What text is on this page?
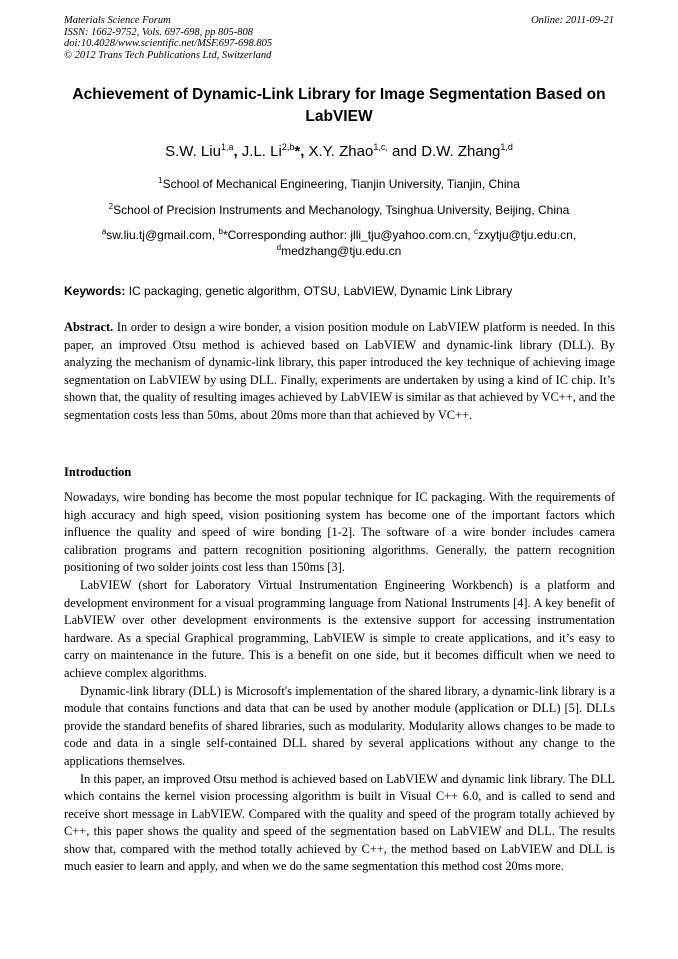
Materials Science Forum
ISSN: 1662-9752, Vols. 697-698, pp 805-808
doi:10.4028/www.scientific.net/MSF.697-698.805
© 2012 Trans Tech Publications Ltd, Switzerland
Online: 2011-09-21
Achievement of Dynamic-Link Library for Image Segmentation Based on LabVIEW
S.W. Liu$^{1,a}$, J.L. Li$^{2,b}$*, X.Y. Zhao$^{1,c,}$ and D.W. Zhang$^{1,d}$
$^1$School of Mechanical Engineering, Tianjin University, Tianjin, China
$^2$School of Precision Instruments and Mechanology, Tsinghua University, Beijing, China
$^a$sw.liu.tj@gmail.com, $^b$*Corresponding author: jlli_tju@yahoo.com.cn, $^c$zxytju@tju.edu.cn,
$^d$medzhang@tju.edu.cn
Keywords: IC packaging, genetic algorithm, OTSU, LabVIEW, Dynamic Link Library
Abstract. In order to design a wire bonder, a vision position module on LabVIEW platform is needed. In this paper, an improved Otsu method is achieved based on LabVIEW and dynamic-link library (DLL). By analyzing the mechanism of dynamic-link library, this paper introduced the key technique of achieving image segmentation on LabVIEW by using DLL. Finally, experiments are undertaken by using a kind of IC chip. It’s shown that, the quality of resulting images achieved by LabVIEW is similar as that achieved by VC++, and the segmentation costs less than 50ms, about 20ms more than that achieved by VC++.
Introduction

Nowadays, wire bonding has become the most popular technique for IC packaging. With the requirements of high accuracy and high speed, vision positioning system has become one of the important factors which influence the quality and speed of wire bonding [1-2]. The software of a wire bonder includes camera calibration programs and pattern recognition positioning algorithms. Generally, the pattern recognition positioning of two solder joints cost less than 150ms [3].

LabVIEW (short for Laboratory Virtual Instrumentation Engineering Workbench) is a platform and development environment for a visual programming language from National Instruments [4]. A key benefit of LabVIEW over other development environments is the extensive support for accessing instrumentation hardware. As a special Graphical programming, LabVIEW is simple to create applications, and it’s easy to carry on maintenance in the future. This is a benefit on one side, but it becomes difficult when we need to achieve complex algorithms.

Dynamic-link library (DLL) is Microsoft's implementation of the shared library, a dynamic-link library is a module that contains functions and data that can be used by another module (application or DLL) [5]. DLLs provide the standard benefits of shared libraries, such as modularity. Modularity allows changes to be made to code and data in a single self-contained DLL shared by several applications without any change to the applications themselves.

In this paper, an improved Otsu method is achieved based on LabVIEW and dynamic link library. The DLL which contains the kernel vision processing algorithm is built in Visual C++ 6.0, and is called to send and receive short message in LabVIEW. Compared with the quality and speed of the program totally achieved by C++, this paper shows the quality and speed of the segmentation based on LabVIEW and DLL. The results show that, compared with the method totally achieved by C++, the method based on LabVIEW and DLL is much easier to learn and apply, and when we do the same segmentation this method cost 20ms more.
